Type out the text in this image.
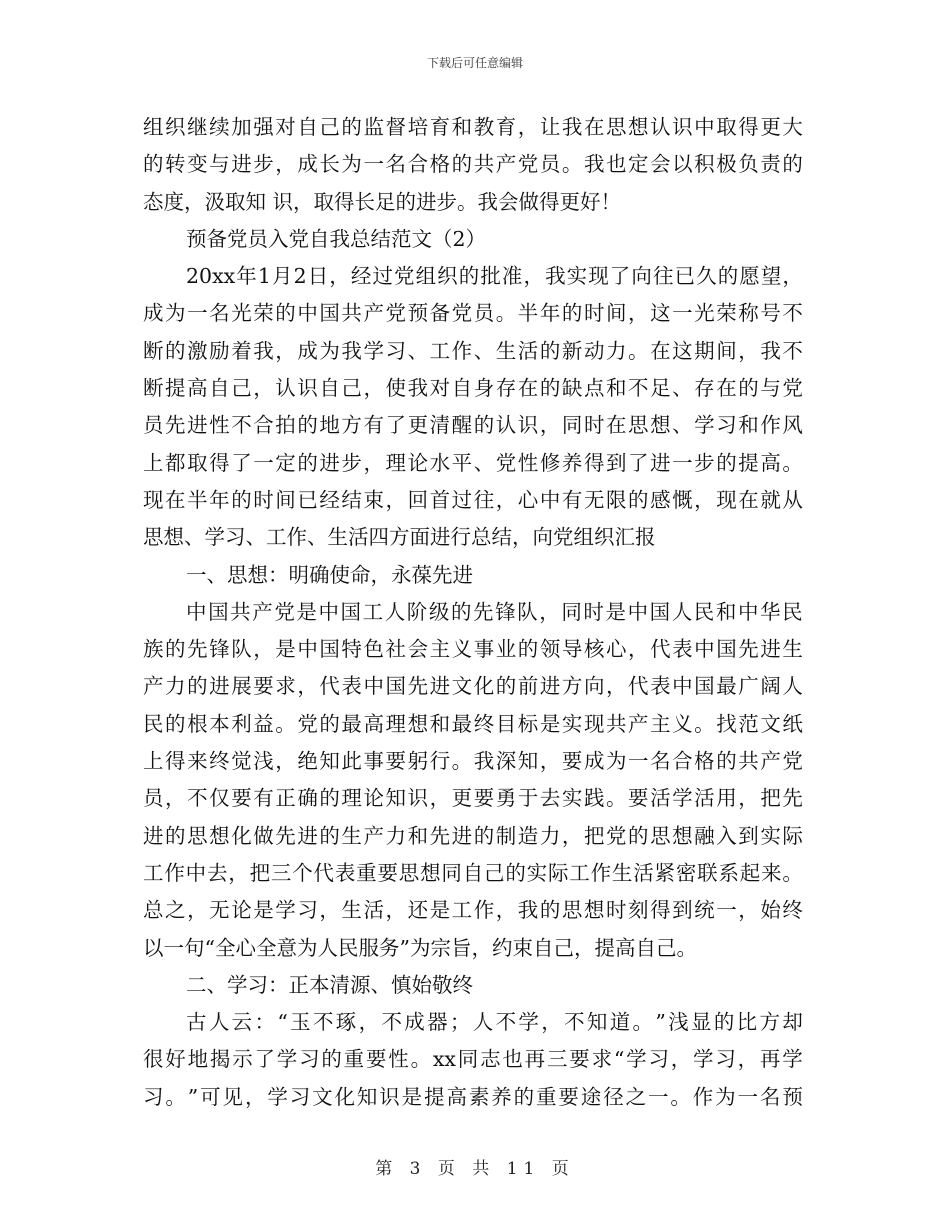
下载后可任意编辑
组 织 继 续 加 强 对 自 己 的 监 督 培 育 和 教 育 ， 让 我 在 思 想 认 识 中 取 得 更 大
的 转 变 与 进 步 ， 成 长 为 一 名 合 格 的 共 产 党 员 。 我 也 定 会 以 积 极 负 责 的
态度，汲取知 识，取得长足的进步。我会做得更好！
预备党员入党自我总结范文（2）
20xx 年 1 月 2 日 ， 经 过 党 组 织 的 批 准 ， 我 实 现 了 向 往 已 久 的 愿 望 ，
成 为 一 名 光 荣 的 中 国 共 产 党 预 备 党 员 。 半 年 的 时 间 ， 这 一 光 荣 称 号 不
断 的 激 励 着 我 ， 成 为 我 学 习 、 工 作 、 生 活 的 新 动 力 。 在 这 期 间 ， 我 不
断 提 高 自 己 ， 认 识 自 己 ， 使 我 对 自 身 存 在 的 缺 点 和 不 足 、 存 在 的 与 党
员 先 进 性 不 合 拍 的 地 方 有 了 更 清 醒 的 认 识 ， 同 时 在 思 想 、 学 习 和 作 风
上 都 取 得 了 一 定 的 进 步 ， 理 论 水 平 、 党 性 修 养 得 到 了 进 一 步 的 提 高 。
现 在 半 年 的 时 间 已 经 结 束 ， 回 首 过 往 ， 心 中 有 无 限 的 感 慨 ， 现 在 就 从
思想、学习、工作、生活四方面进行总结，向党组织汇报
一、思想：明确使命，永葆先进
中 国 共 产 党 是 中 国 工 人 阶 级 的 先 锋 队 ， 同 时 是 中 国 人 民 和 中 华 民
族 的 先 锋 队 ， 是 中 国 特 色 社 会 主 义 事 业 的 领 导 核 心 ， 代 表 中 国 先 进 生
产 力 的 进 展 要 求 ， 代 表 中 国 先 进 文 化 的 前 进 方 向 ， 代 表 中 国 最 广 阔 人
民 的 根 本 利 益 。 党 的 最 高 理 想 和 最 终 目 标 是 实 现 共 产 主 义 。 找 范 文 纸
上 得 来 终 觉 浅 ， 绝 知 此 事 要 躬 行 。 我 深 知 ， 要 成 为 一 名 合 格 的 共 产 党
员 ， 不 仅 要 有 正 确 的 理 论 知 识 ， 更 要 勇 于 去 实 践 。 要 活 学 活 用 ， 把 先
进 的 思 想 化 做 先 进 的 生 产 力 和 先 进 的 制 造 力 ， 把 党 的 思 想 融 入 到 实 际
工 作 中 去 ， 把 三 个 代 表 重 要 思 想 同 自 己 的 实 际 工 作 生 活 紧 密 联 系 起 来 。
总 之 ， 无 论 是 学 习 ， 生 活 ， 还 是 工 作 ， 我 的 思 想 时 刻 得 到 统 一 ， 始 终
以一句“全心全意为人民服务”为宗旨，约束自己，提高自己。
二、学习：正本清源、慎始敬终
古 人 云 ： “ 玉 不 琢 ， 不 成 器 ； 人 不 学 ， 不 知 道 。 ” 浅 显 的 比 方 却
很 好 地 揭 示 了 学 习 的 重 要 性 。 xx 同 志 也 再 三 要 求 “ 学 习 ， 学 习 ， 再 学
习 。 ” 可 见 ， 学 习 文 化 知 识 是 提 高 素 养 的 重 要 途 径 之 一 。 作 为 一 名 预
第 3 页 共 11 页
